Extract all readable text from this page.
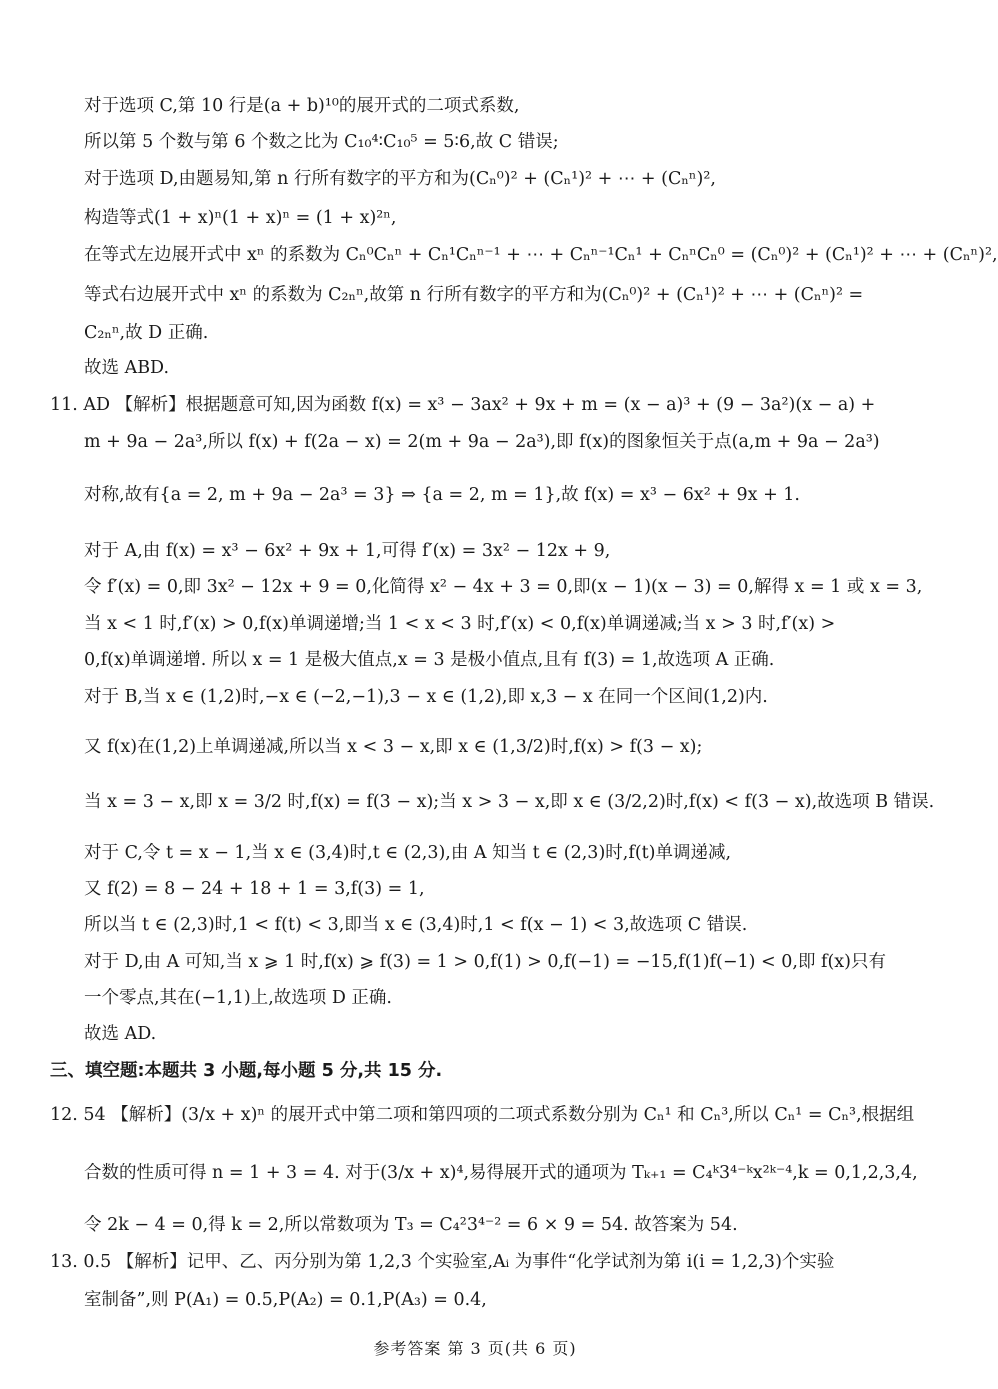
对于选项 C,第 10 行是(a + b)¹⁰的展开式的二项式系数,
所以第 5 个数与第 6 个数之比为 C₁₀⁴∶C₁₀⁵ = 5∶6,故 C 错误;
对于选项 D,由题易知,第 n 行所有数字的平方和为(Cₙ⁰)² + (Cₙ¹)² + ⋯ + (Cₙⁿ)²,
构造等式(1 + x)ⁿ(1 + x)ⁿ = (1 + x)²ⁿ,
在等式左边展开式中 xⁿ 的系数为 Cₙ⁰Cₙⁿ + Cₙ¹Cₙⁿ⁻¹ + ⋯ + Cₙⁿ⁻¹Cₙ¹ + CₙⁿCₙ⁰ = (Cₙ⁰)² + (Cₙ¹)² + ⋯ + (Cₙⁿ)²,
等式右边展开式中 xⁿ 的系数为 C₂ₙⁿ,故第 n 行所有数字的平方和为(Cₙ⁰)² + (Cₙ¹)² + ⋯ + (Cₙⁿ)² =
C₂ₙⁿ,故 D 正确.
故选 ABD.
11. AD 【解析】根据题意可知,因为函数 f(x) = x³ − 3ax² + 9x + m = (x − a)³ + (9 − 3a²)(x − a) +
m + 9a − 2a³,所以 f(x) + f(2a − x) = 2(m + 9a − 2a³),即 f(x)的图象恒关于点(a,m + 9a − 2a³)
对称,故有{a = 2, m + 9a − 2a³ = 3} ⇒ {a = 2, m = 1},故 f(x) = x³ − 6x² + 9x + 1.
对于 A,由 f(x) = x³ − 6x² + 9x + 1,可得 f′(x) = 3x² − 12x + 9,
令 f′(x) = 0,即 3x² − 12x + 9 = 0,化简得 x² − 4x + 3 = 0,即(x − 1)(x − 3) = 0,解得 x = 1 或 x = 3,
当 x < 1 时,f′(x) > 0,f(x)单调递增;当 1 < x < 3 时,f′(x) < 0,f(x)单调递减;当 x > 3 时,f′(x) >
0,f(x)单调递增. 所以 x = 1 是极大值点,x = 3 是极小值点,且有 f(3) = 1,故选项 A 正确.
对于 B,当 x ∈ (1,2)时,−x ∈ (−2,−1),3 − x ∈ (1,2),即 x,3 − x 在同一个区间(1,2)内.
又 f(x)在(1,2)上单调递减,所以当 x < 3 − x,即 x ∈ (1,3/2)时,f(x) > f(3 − x);
当 x = 3 − x,即 x = 3/2 时,f(x) = f(3 − x);当 x > 3 − x,即 x ∈ (3/2,2)时,f(x) < f(3 − x),故选项 B 错误.
对于 C,令 t = x − 1,当 x ∈ (3,4)时,t ∈ (2,3),由 A 知当 t ∈ (2,3)时,f(t)单调递减,
又 f(2) = 8 − 24 + 18 + 1 = 3,f(3) = 1,
所以当 t ∈ (2,3)时,1 < f(t) < 3,即当 x ∈ (3,4)时,1 < f(x − 1) < 3,故选项 C 错误.
对于 D,由 A 可知,当 x ⩾ 1 时,f(x) ⩾ f(3) = 1 > 0,f(1) > 0,f(−1) = −15,f(1)f(−1) < 0,即 f(x)只有
一个零点,其在(−1,1)上,故选项 D 正确.
故选 AD.
三、填空题:本题共 3 小题,每小题 5 分,共 15 分.
12. 54 【解析】(3/x + x)ⁿ 的展开式中第二项和第四项的二项式系数分别为 Cₙ¹ 和 Cₙ³,所以 Cₙ¹ = Cₙ³,根据组
合数的性质可得 n = 1 + 3 = 4. 对于(3/x + x)⁴,易得展开式的通项为 Tₖ₊₁ = C₄ᵏ3⁴⁻ᵏx²ᵏ⁻⁴,k = 0,1,2,3,4,
令 2k − 4 = 0,得 k = 2,所以常数项为 T₃ = C₄²3⁴⁻² = 6 × 9 = 54. 故答案为 54.
13. 0.5 【解析】记甲、乙、丙分别为第 1,2,3 个实验室,Aᵢ 为事件“化学试剂为第 i(i = 1,2,3)个实验
室制备”,则 P(A₁) = 0.5,P(A₂) = 0.1,P(A₃) = 0.4,
参考答案 第 3 页(共 6 页)
